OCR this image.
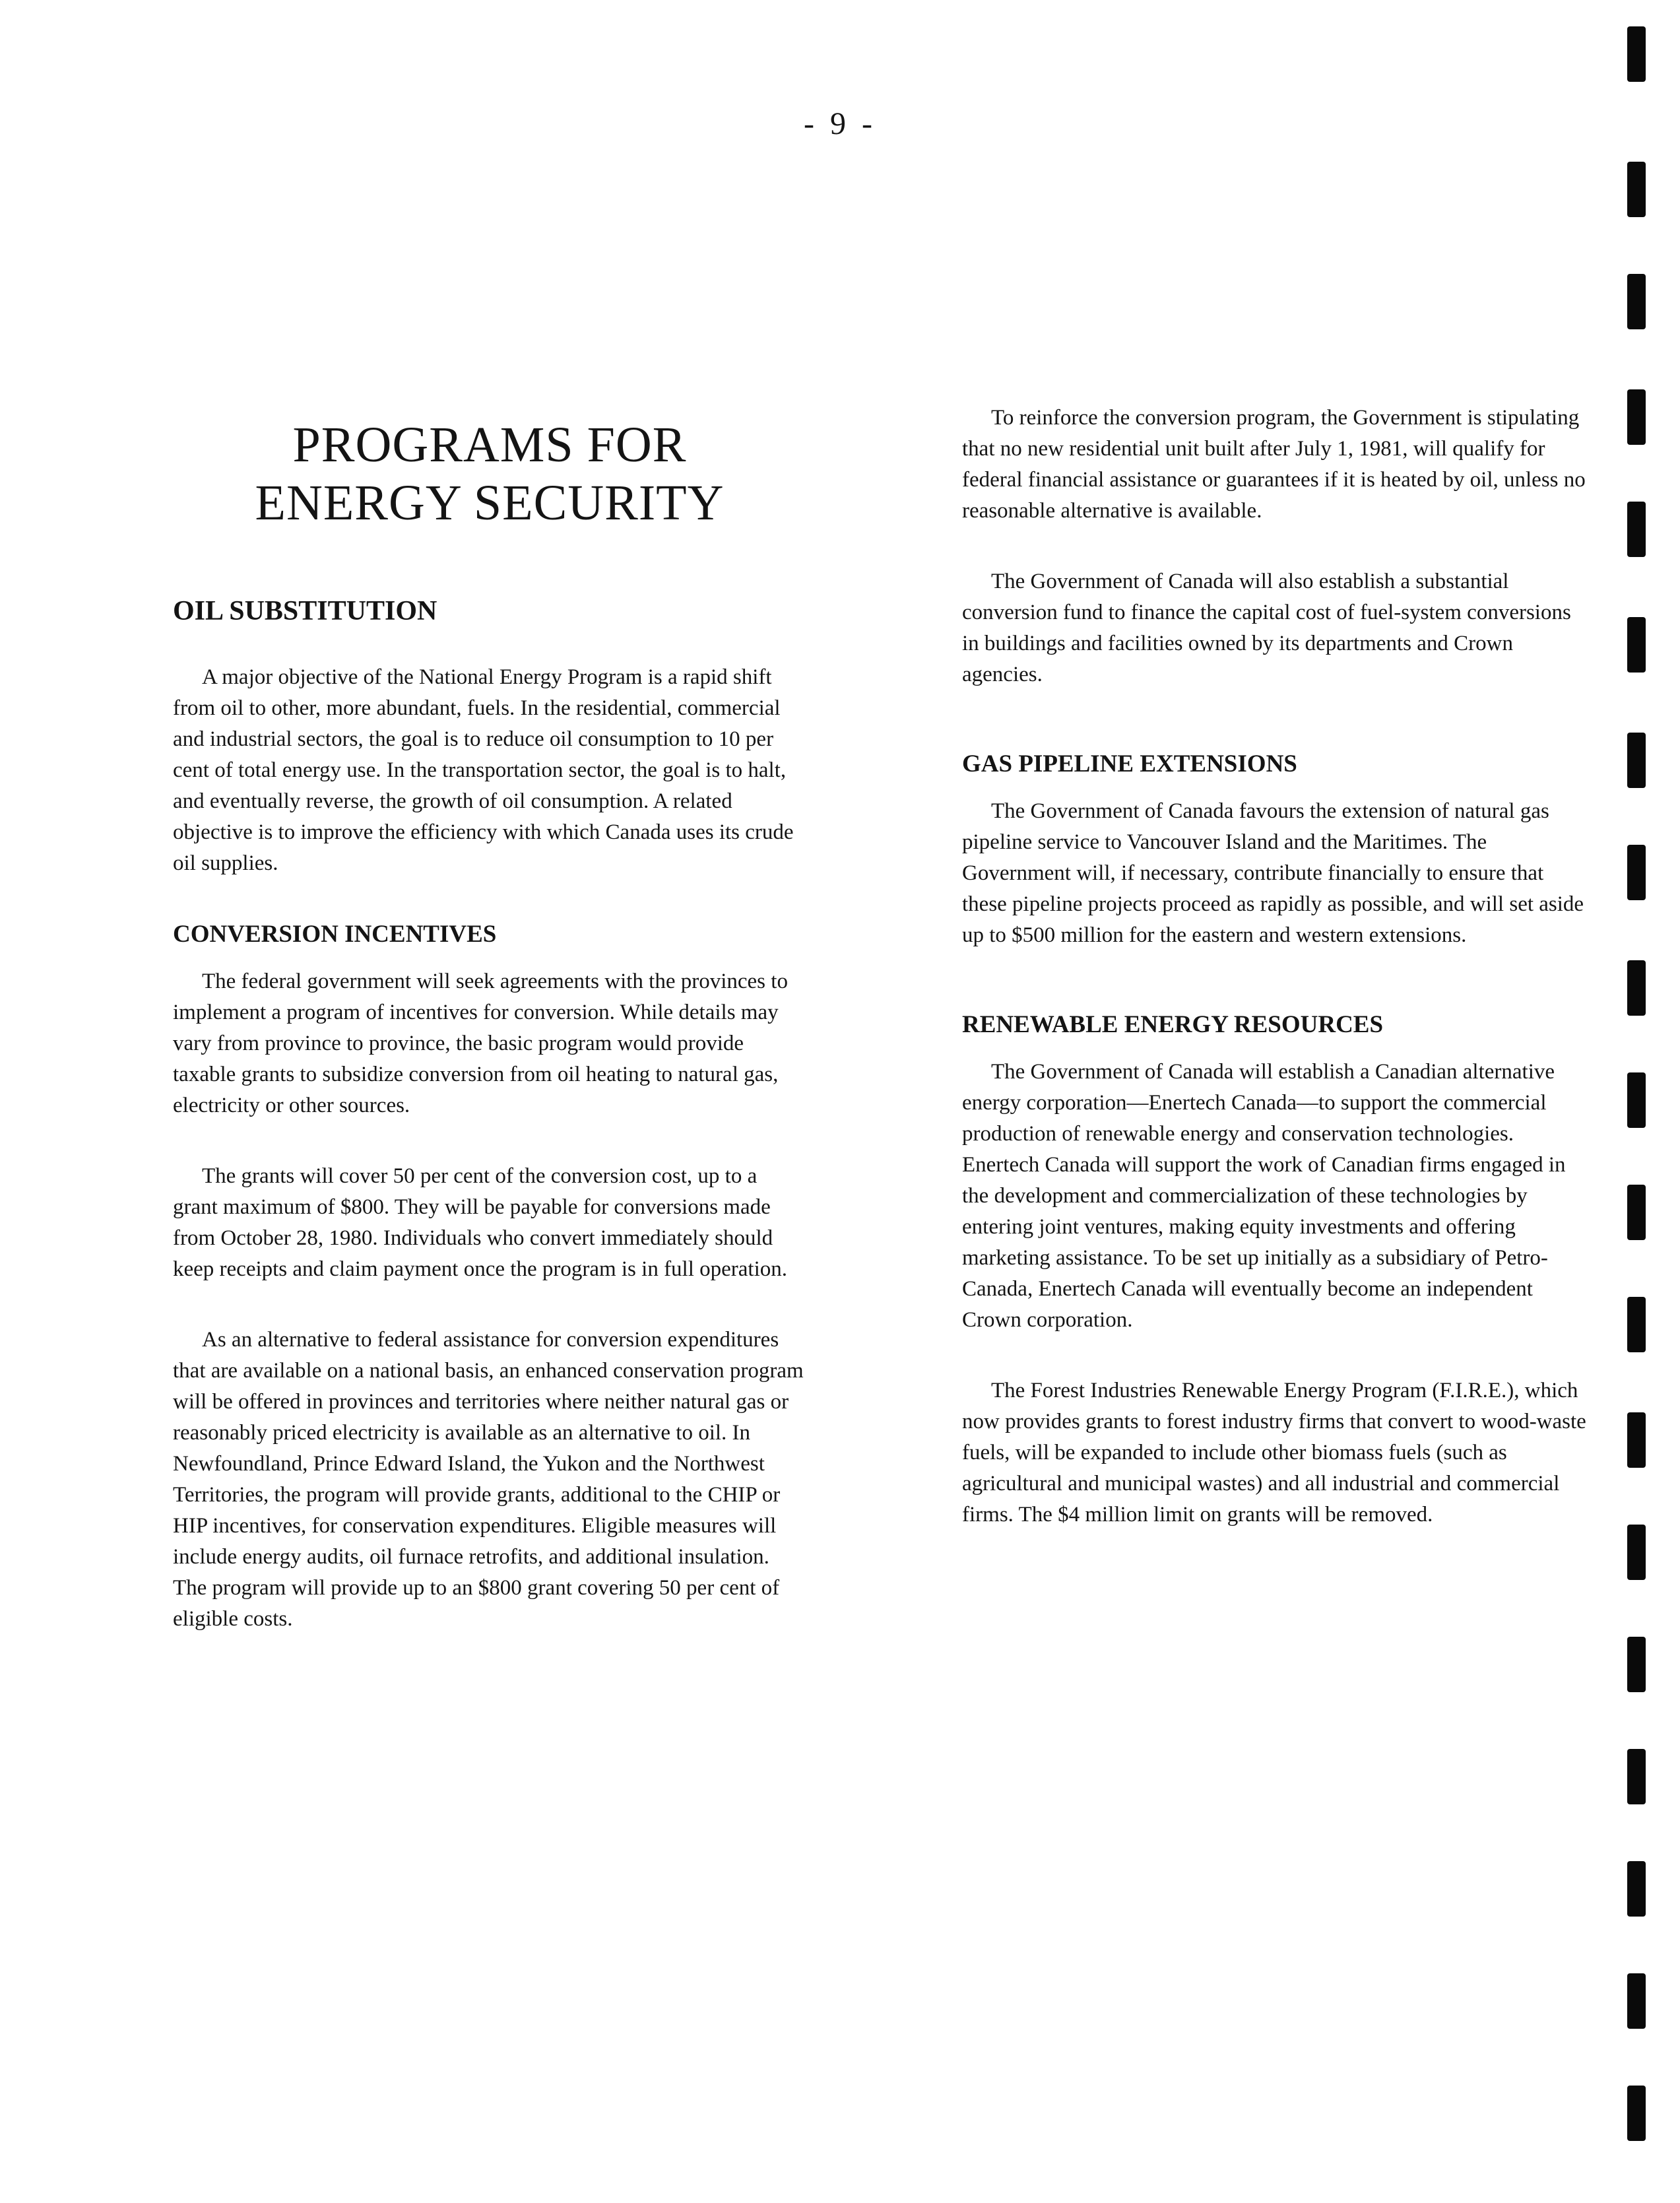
- 9 -
PROGRAMS FOR
ENERGY SECURITY
OIL SUBSTITUTION

A major objective of the National Energy Program is a rapid shift from oil to other, more abundant, fuels. In the residential, commercial and industrial sectors, the goal is to reduce oil consumption to 10 per cent of total energy use. In the transportation sector, the goal is to halt, and eventually reverse, the growth of oil consumption. A related objective is to improve the efficiency with which Canada uses its crude oil supplies.

CONVERSION INCENTIVES

The federal government will seek agreements with the provinces to implement a program of incentives for conversion. While details may vary from province to province, the basic program would provide taxable grants to subsidize conversion from oil heating to natural gas, electricity or other sources.

The grants will cover 50 per cent of the conversion cost, up to a grant maximum of $800. They will be payable for conversions made from October 28, 1980. Individuals who convert immediately should keep receipts and claim payment once the program is in full operation.

As an alternative to federal assistance for conversion expenditures that are available on a national basis, an enhanced conservation program will be offered in provinces and territories where neither natural gas or reasonably priced electricity is available as an alternative to oil. In Newfoundland, Prince Edward Island, the Yukon and the Northwest Territories, the program will provide grants, additional to the CHIP or HIP incentives, for conservation expenditures. Eligible measures will include energy audits, oil furnace retrofits, and additional insulation. The program will provide up to an $800 grant covering 50 per cent of eligible costs.

To reinforce the conversion program, the Government is stipulating that no new residential unit built after July 1, 1981, will qualify for federal financial assistance or guarantees if it is heated by oil, unless no reasonable alternative is available.

The Government of Canada will also establish a substantial conversion fund to finance the capital cost of fuel-system conversions in buildings and facilities owned by its departments and Crown agencies.

GAS PIPELINE EXTENSIONS

The Government of Canada favours the extension of natural gas pipeline service to Vancouver Island and the Maritimes. The Government will, if necessary, contribute financially to ensure that these pipeline projects proceed as rapidly as possible, and will set aside up to $500 million for the eastern and western extensions.

RENEWABLE ENERGY RESOURCES

The Government of Canada will establish a Canadian alternative energy corporation—Enertech Canada—to support the commercial production of renewable energy and conservation technologies. Enertech Canada will support the work of Canadian firms engaged in the development and commercialization of these technologies by entering joint ventures, making equity investments and offering marketing assistance. To be set up initially as a subsidiary of Petro-Canada, Enertech Canada will eventually become an independent Crown corporation.

The Forest Industries Renewable Energy Program (F.I.R.E.), which now provides grants to forest industry firms that convert to wood-waste fuels, will be expanded to include other biomass fuels (such as agricultural and municipal wastes) and all industrial and commercial firms. The $4 million limit on grants will be removed.
